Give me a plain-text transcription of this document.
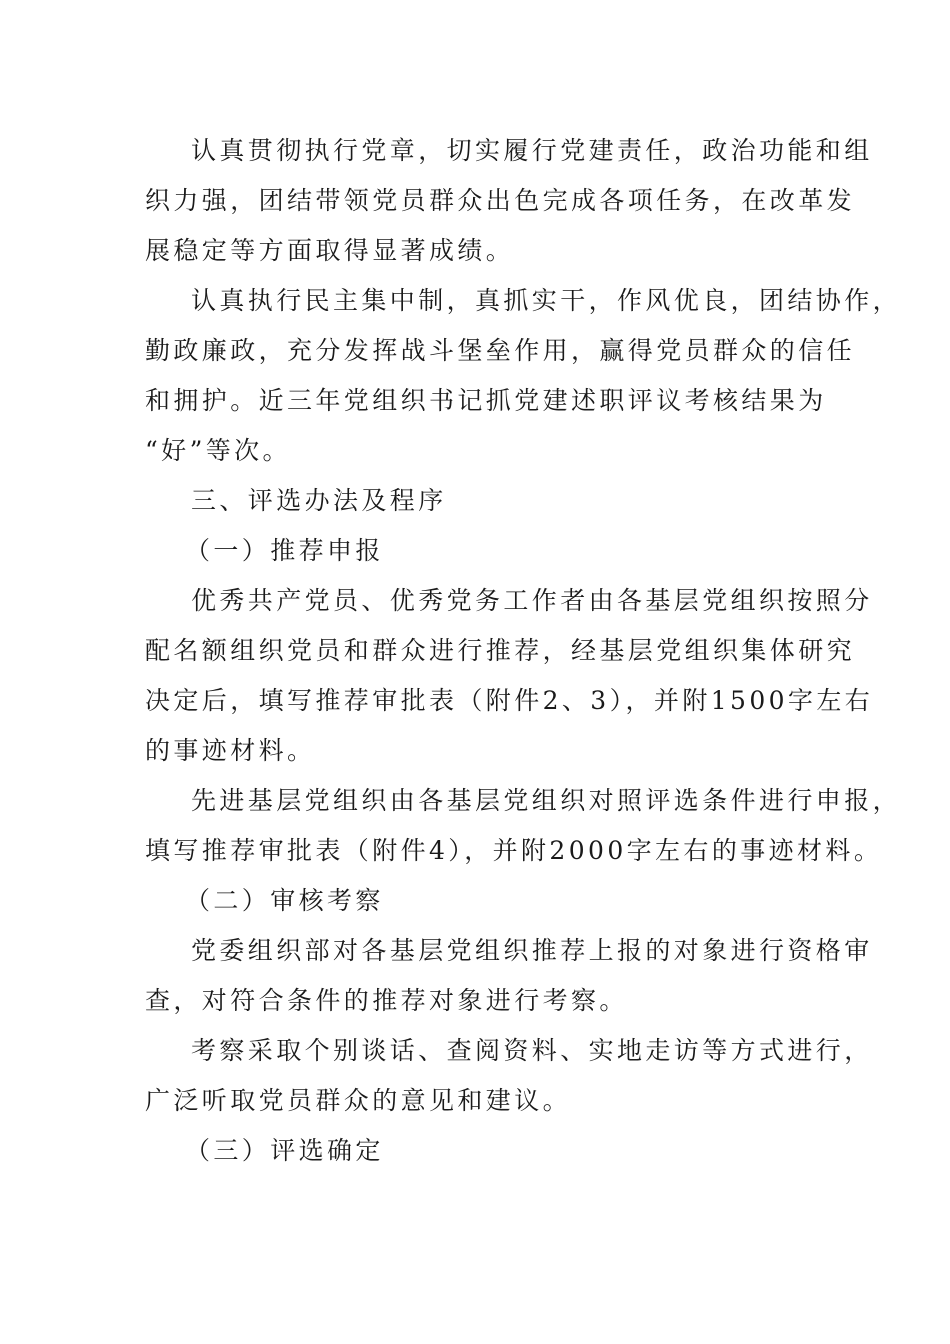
认真贯彻执行党章，切实履行党建责任，政治功能和组
织力强，团结带领党员群众出色完成各项任务，在改革发
展稳定等方面取得显著成绩。
认真执行民主集中制，真抓实干，作风优良，团结协作，
勤政廉政，充分发挥战斗堡垒作用，赢得党员群众的信任
和拥护。近三年党组织书记抓党建述职评议考核结果为
“好”等次。
三、评选办法及程序
（一）推荐申报
优秀共产党员、优秀党务工作者由各基层党组织按照分
配名额组织党员和群众进行推荐，经基层党组织集体研究
决定后，填写推荐审批表（附件2、3），并附1500字左右
的事迹材料。
先进基层党组织由各基层党组织对照评选条件进行申报，
填写推荐审批表（附件4），并附2000字左右的事迹材料。
（二）审核考察
党委组织部对各基层党组织推荐上报的对象进行资格审
查，对符合条件的推荐对象进行考察。
考察采取个别谈话、查阅资料、实地走访等方式进行，
广泛听取党员群众的意见和建议。
（三）评选确定
